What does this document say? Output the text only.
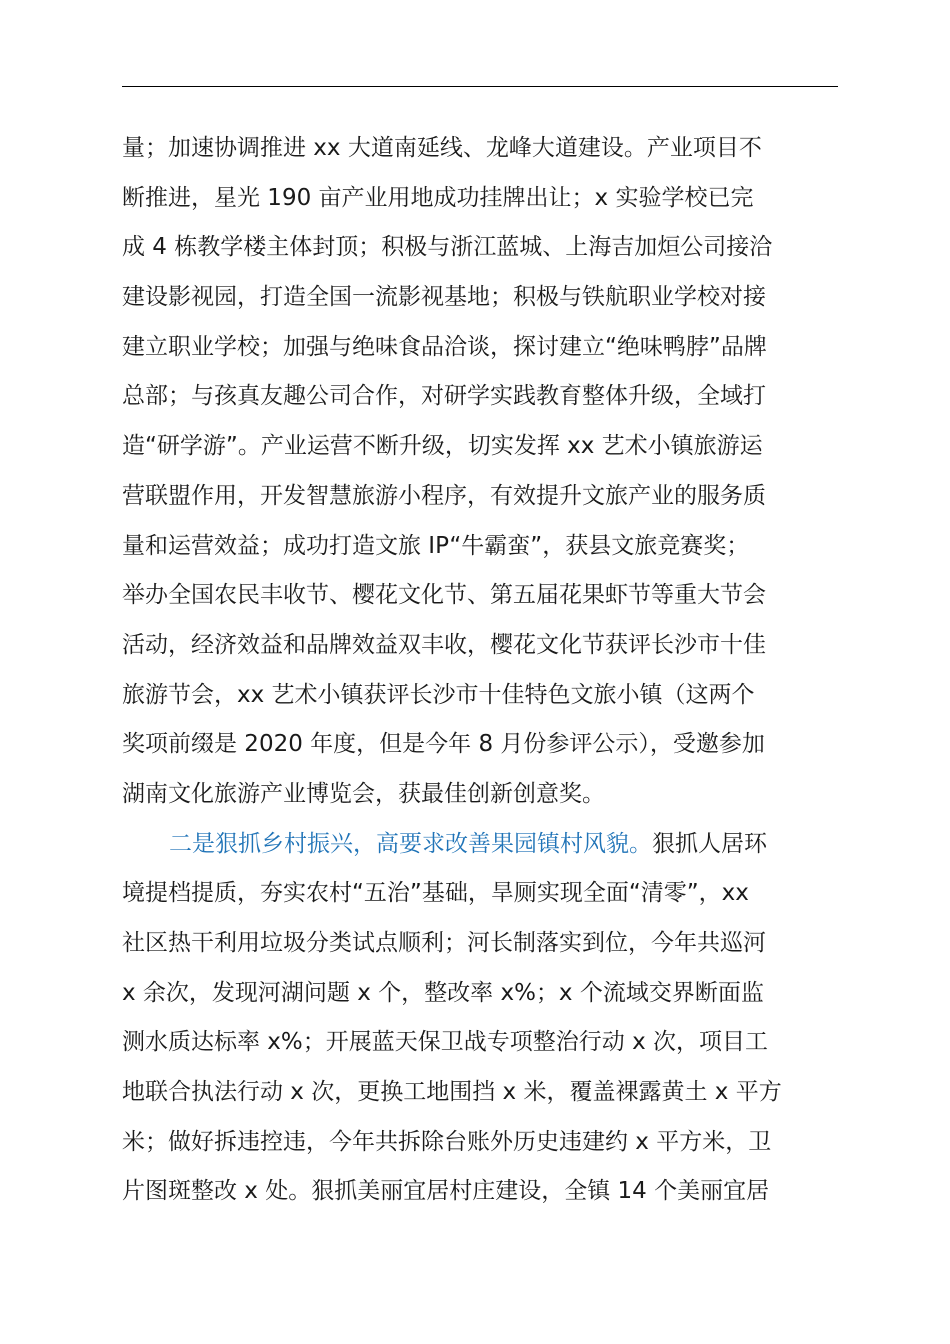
量；加速协调推进 xx 大道南延线、龙峰大道建设。产业项目不
断推进，星光 190 亩产业用地成功挂牌出让；x 实验学校已完
成 4 栋教学楼主体封顶；积极与浙江蓝城、上海吉加烜公司接洽
建设影视园，打造全国一流影视基地；积极与铁航职业学校对接
建立职业学校；加强与绝味食品洽谈，探讨建立“绝味鸭脖”品牌
总部；与孩真友趣公司合作，对研学实践教育整体升级，全域打
造“研学游”。产业运营不断升级，切实发挥 xx 艺术小镇旅游运
营联盟作用，开发智慧旅游小程序，有效提升文旅产业的服务质
量和运营效益；成功打造文旅 IP“牛霸蛮”，获县文旅竞赛奖；
举办全国农民丰收节、樱花文化节、第五届花果虾节等重大节会
活动，经济效益和品牌效益双丰收，樱花文化节获评长沙市十佳
旅游节会，xx 艺术小镇获评长沙市十佳特色文旅小镇（这两个
奖项前缀是 2020 年度，但是今年 8 月份参评公示），受邀参加
湖南文化旅游产业博览会，获最佳创新创意奖。
二是狠抓乡村振兴，高要求改善果园镇村风貌。狠抓人居环
境提档提质，夯实农村“五治”基础，旱厕实现全面“清零”，xx
社区热干利用垃圾分类试点顺利；河长制落实到位，今年共巡河
x 余次，发现河湖问题 x 个，整改率 x%；x 个流域交界断面监
测水质达标率 x%；开展蓝天保卫战专项整治行动 x 次，项目工
地联合执法行动 x 次，更换工地围挡 x 米，覆盖裸露黄土 x 平方
米；做好拆违控违，今年共拆除台账外历史违建约 x 平方米，卫
片图斑整改 x 处。狠抓美丽宜居村庄建设，全镇 14 个美丽宜居
